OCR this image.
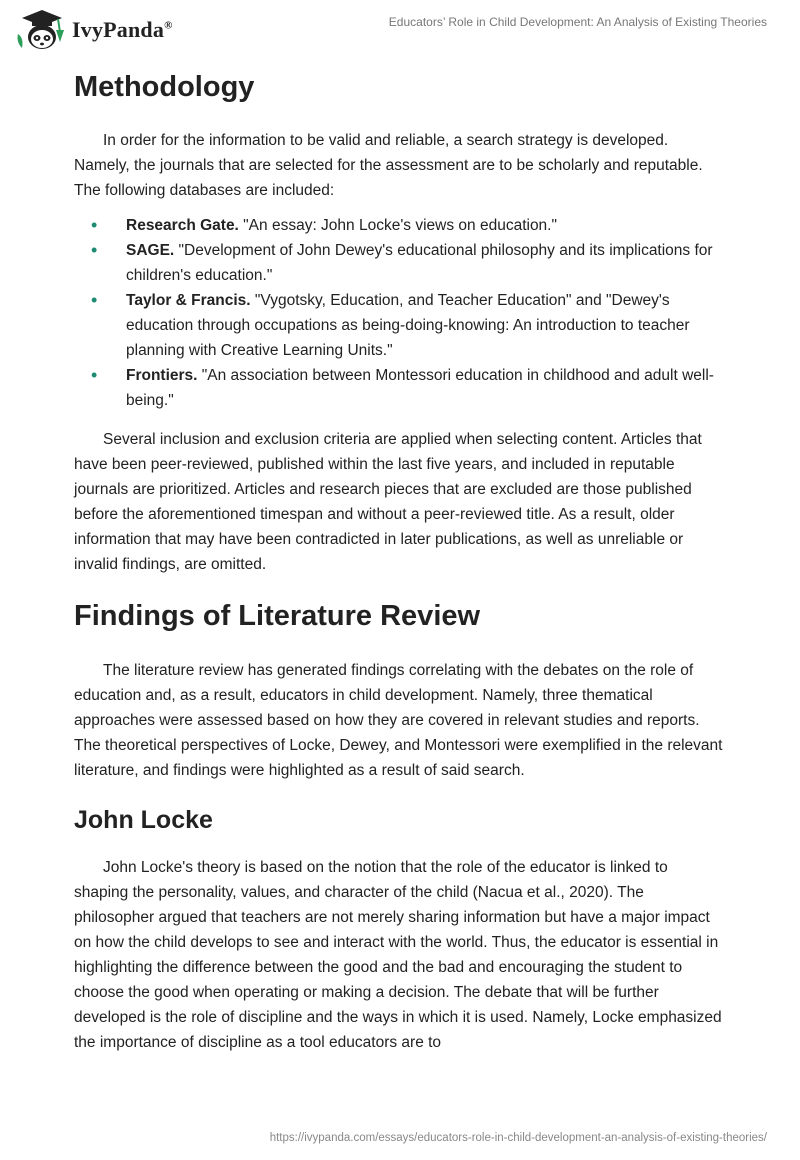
IvyPanda®	Educators’ Role in Child Development: An Analysis of Existing Theories
Methodology

In order for the information to be valid and reliable, a search strategy is developed. Namely, the journals that are selected for the assessment are to be scholarly and reputable. The following databases are included:

• Research Gate. "An essay: John Locke's views on education."
• SAGE. "Development of John Dewey's educational philosophy and its implications for children's education."
• Taylor & Francis. "Vygotsky, Education, and Teacher Education" and "Dewey's education through occupations as being-doing-knowing: An introduction to teacher planning with Creative Learning Units."
• Frontiers. "An association between Montessori education in childhood and adult well-being."

Several inclusion and exclusion criteria are applied when selecting content. Articles that have been peer-reviewed, published within the last five years, and included in reputable journals are prioritized. Articles and research pieces that are excluded are those published before the aforementioned timespan and without a peer-reviewed title. As a result, older information that may have been contradicted in later publications, as well as unreliable or invalid findings, are omitted.

Findings of Literature Review

The literature review has generated findings correlating with the debates on the role of education and, as a result, educators in child development. Namely, three thematical approaches were assessed based on how they are covered in relevant studies and reports. The theoretical perspectives of Locke, Dewey, and Montessori were exemplified in the relevant literature, and findings were highlighted as a result of said search.

John Locke

John Locke's theory is based on the notion that the role of the educator is linked to shaping the personality, values, and character of the child (Nacua et al., 2020). The philosopher argued that teachers are not merely sharing information but have a major impact on how the child develops to see and interact with the world. Thus, the educator is essential in highlighting the difference between the good and the bad and encouraging the student to choose the good when operating or making a decision. The debate that will be further developed is the role of discipline and the ways in which it is used. Namely, Locke emphasized the importance of discipline as a tool educators are to

https://ivypanda.com/essays/educators-role-in-child-development-an-analysis-of-existing-theories/
